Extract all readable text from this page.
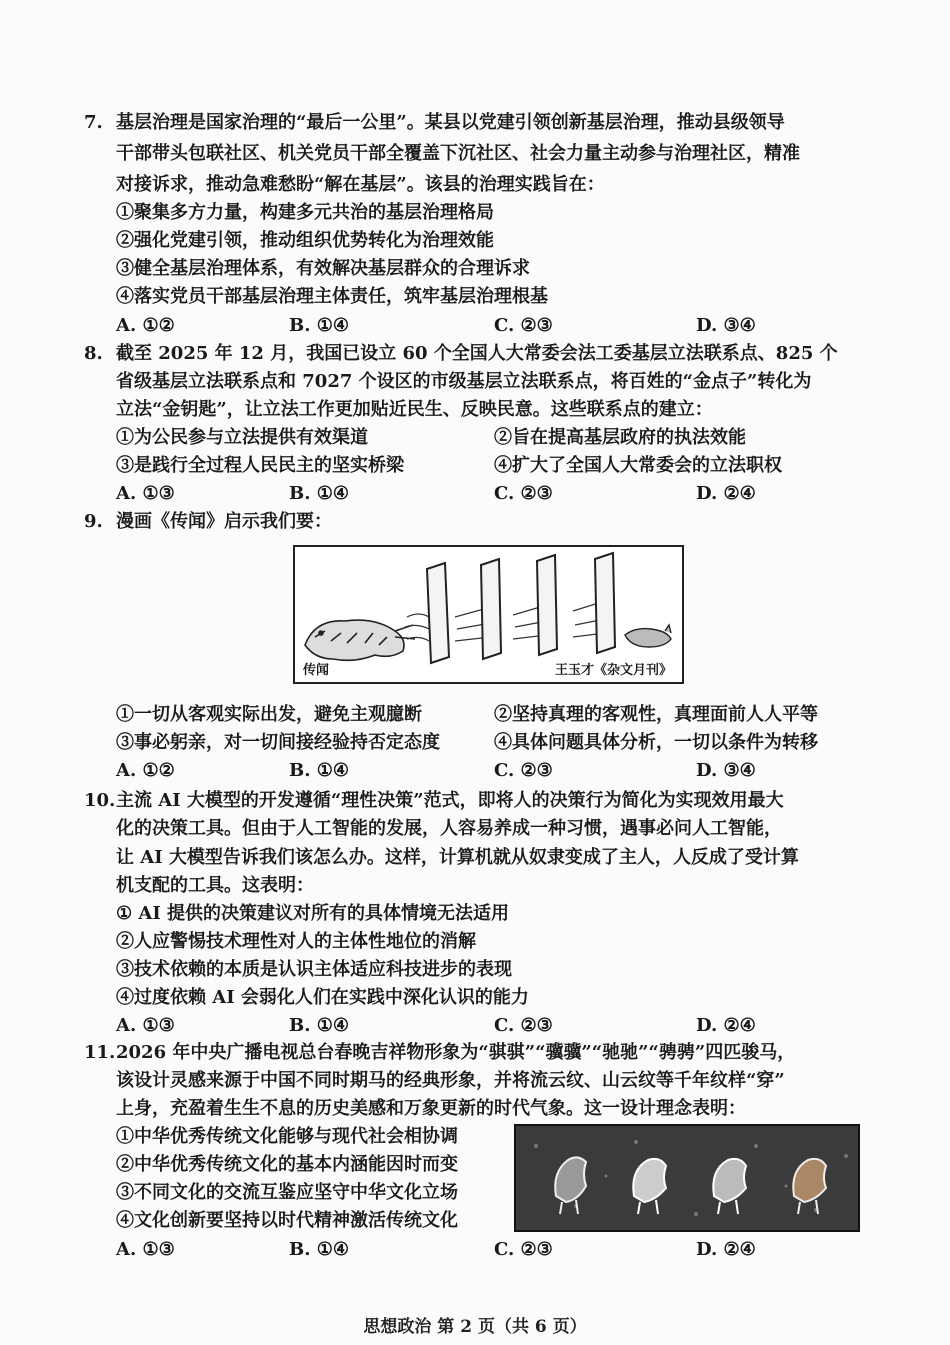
7. 基层治理是国家治理的“最后一公里”。某县以党建引领创新基层治理，推动县级领导
干部带头包联社区、机关党员干部全覆盖下沉社区、社会力量主动参与治理社区，精准
对接诉求，推动急难愁盼“解在基层”。该县的治理实践旨在：
①聚集多方力量，构建多元共治的基层治理格局
②强化党建引领，推动组织优势转化为治理效能
③健全基层治理体系，有效解决基层群众的合理诉求
④落实党员干部基层治理主体责任，筑牢基层治理根基
A. ①②	B. ①④	C. ②③	D. ③④
8. 截至 2025 年 12 月，我国已设立 60 个全国人大常委会法工委基层立法联系点、825 个
省级基层立法联系点和 7027 个设区的市级基层立法联系点，将百姓的“金点子”转化为
立法“金钥匙”，让立法工作更加贴近民生、反映民意。这些联系点的建立：
①为公民参与立法提供有效渠道	②旨在提高基层政府的执法效能
③是践行全过程人民民主的坚实桥梁	④扩大了全国人大常委会的立法职权
A. ①③	B. ①④	C. ②③	D. ②④
9. 漫画《传闻》启示我们要：
传闻	王玉才《杂文月刊》
①一切从客观实际出发，避免主观臆断	②坚持真理的客观性，真理面前人人平等
③事必躬亲，对一切间接经验持否定态度	④具体问题具体分析，一切以条件为转移
A. ①②	B. ①④	C. ②③	D. ③④
10. 主流 AI 大模型的开发遵循“理性决策”范式，即将人的决策行为简化为实现效用最大
化的决策工具。但由于人工智能的发展，人容易养成一种习惯，遇事必问人工智能，
让 AI 大模型告诉我们该怎么办。这样，计算机就从奴隶变成了主人，人反成了受计算
机支配的工具。这表明：
① AI 提供的决策建议对所有的具体情境无法适用
②人应警惕技术理性对人的主体性地位的消解
③技术依赖的本质是认识主体适应科技进步的表现
④过度依赖 AI 会弱化人们在实践中深化认识的能力
A. ①③	B. ①④	C. ②③	D. ②④
11. 2026 年中央广播电视总台春晚吉祥物形象为“骐骐”“骥骥”“驰驰”“骋骋”四匹骏马，
该设计灵感来源于中国不同时期马的经典形象，并将流云纹、山云纹等千年纹样“穿”
上身，充盈着生生不息的历史美感和万象更新的时代气象。这一设计理念表明：
①中华优秀传统文化能够与现代社会相协调
②中华优秀传统文化的基本内涵能因时而变
③不同文化的交流互鉴应坚守中华文化立场
④文化创新要坚持以时代精神激活传统文化
A. ①③	B. ①④	C. ②③	D. ②④
思想政治 第 2 页（共 6 页）
